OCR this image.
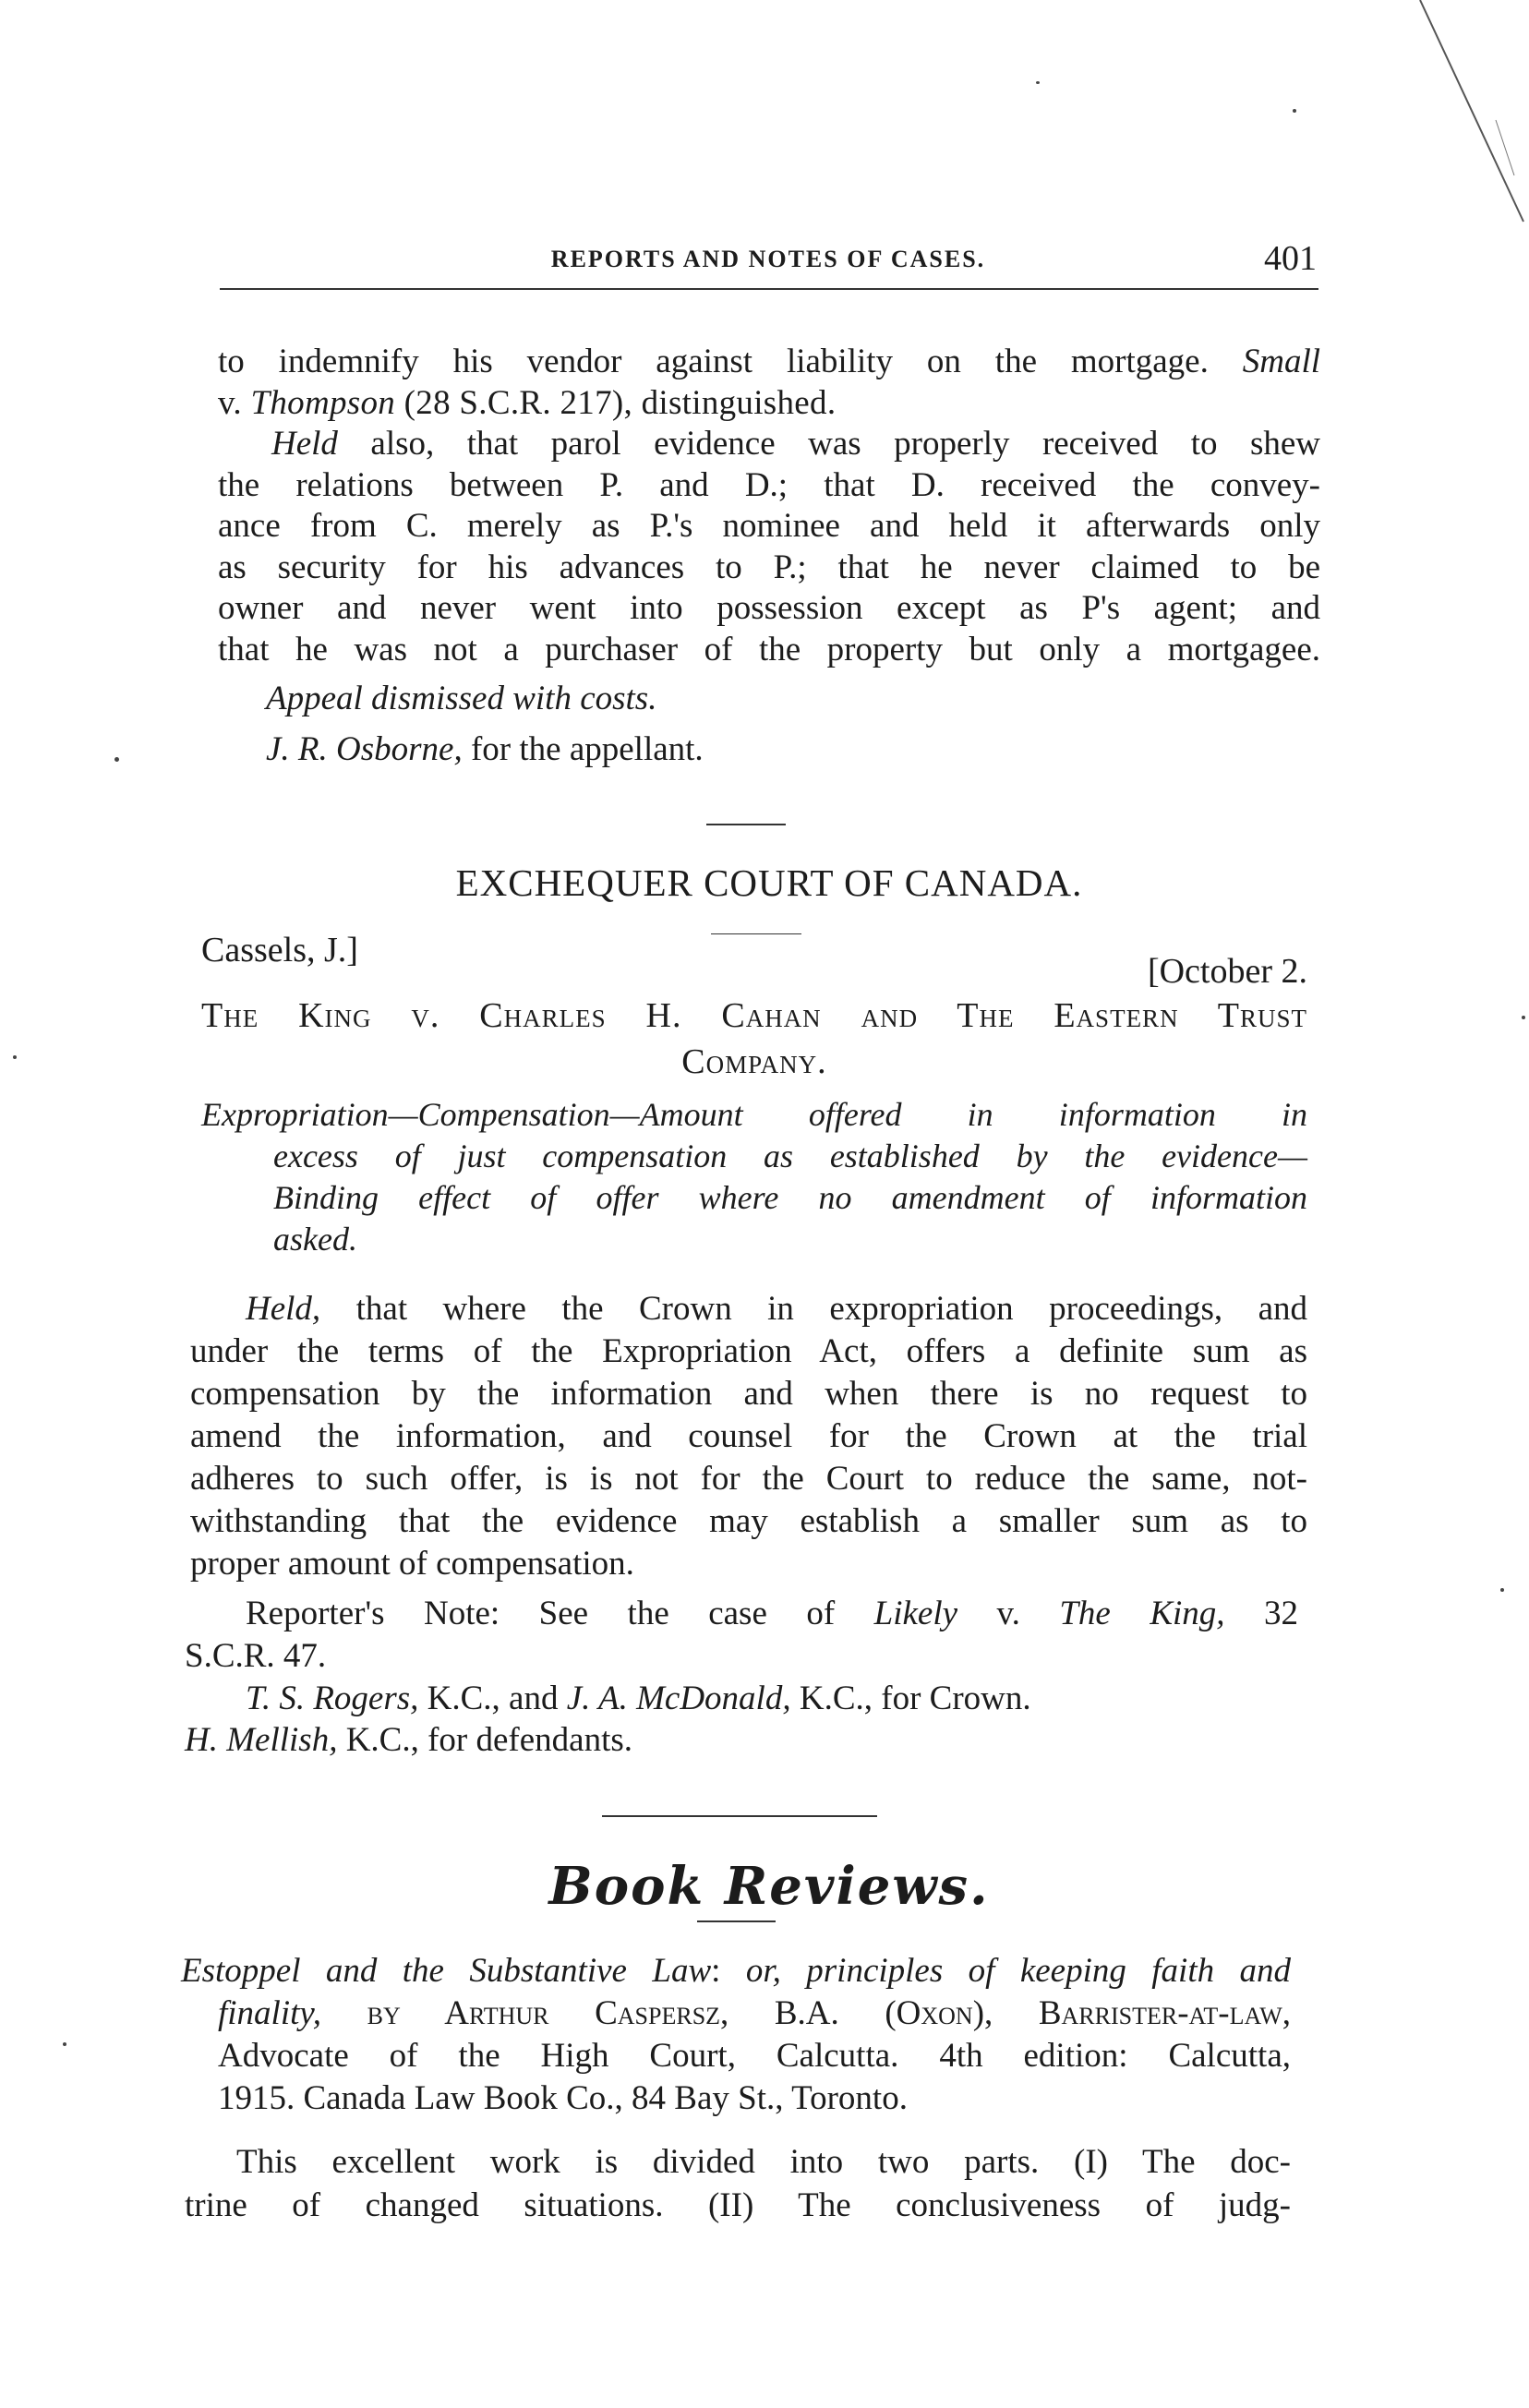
REPORTS AND NOTES OF CASES.	401
to indemnify his vendor against liability on the mortgage. Small
v. Thompson (28 S.C.R. 217), distinguished.
Held also, that parol evidence was properly received to shew
the relations between P. and D.; that D. received the convey-
ance from C. merely as P.'s nominee and held it afterwards only
as security for his advances to P.; that he never claimed to be
owner and never went into possession except as P's agent; and
that he was not a purchaser of the property but only a mortgagee.
Appeal dismissed with costs.
J. R. Osborne, for the appellant.
EXCHEQUER COURT OF CANADA.
Cassels, J.]
[October 2.
The King v. Charles H. Cahan and The Eastern Trust
Company.
Expropriation—Compensation—Amount offered in information in
excess of just compensation as established by the evidence—
Binding effect of offer where no amendment of information
asked.
Held, that where the Crown in expropriation proceedings, and
under the terms of the Expropriation Act, offers a definite sum as
compensation by the information and when there is no request to
amend the information, and counsel for the Crown at the trial
adheres to such offer, is is not for the Court to reduce the same, not-
withstanding that the evidence may establish a smaller sum as to
proper amount of compensation.
Reporter's Note: See the case of Likely v. The King, 32
S.C.R. 47.
T. S. Rogers, K.C., and J. A. McDonald, K.C., for Crown.
H. Mellish, K.C., for defendants.
Book Reviews.
Estoppel and the Substantive Law: or, principles of keeping faith and
finality, by Arthur Caspersz, B.A. (Oxon), Barrister-at-law,
Advocate of the High Court, Calcutta. 4th edition: Calcutta,
1915. Canada Law Book Co., 84 Bay St., Toronto.
This excellent work is divided into two parts. (I) The doc-
trine of changed situations. (II) The conclusiveness of judg-
